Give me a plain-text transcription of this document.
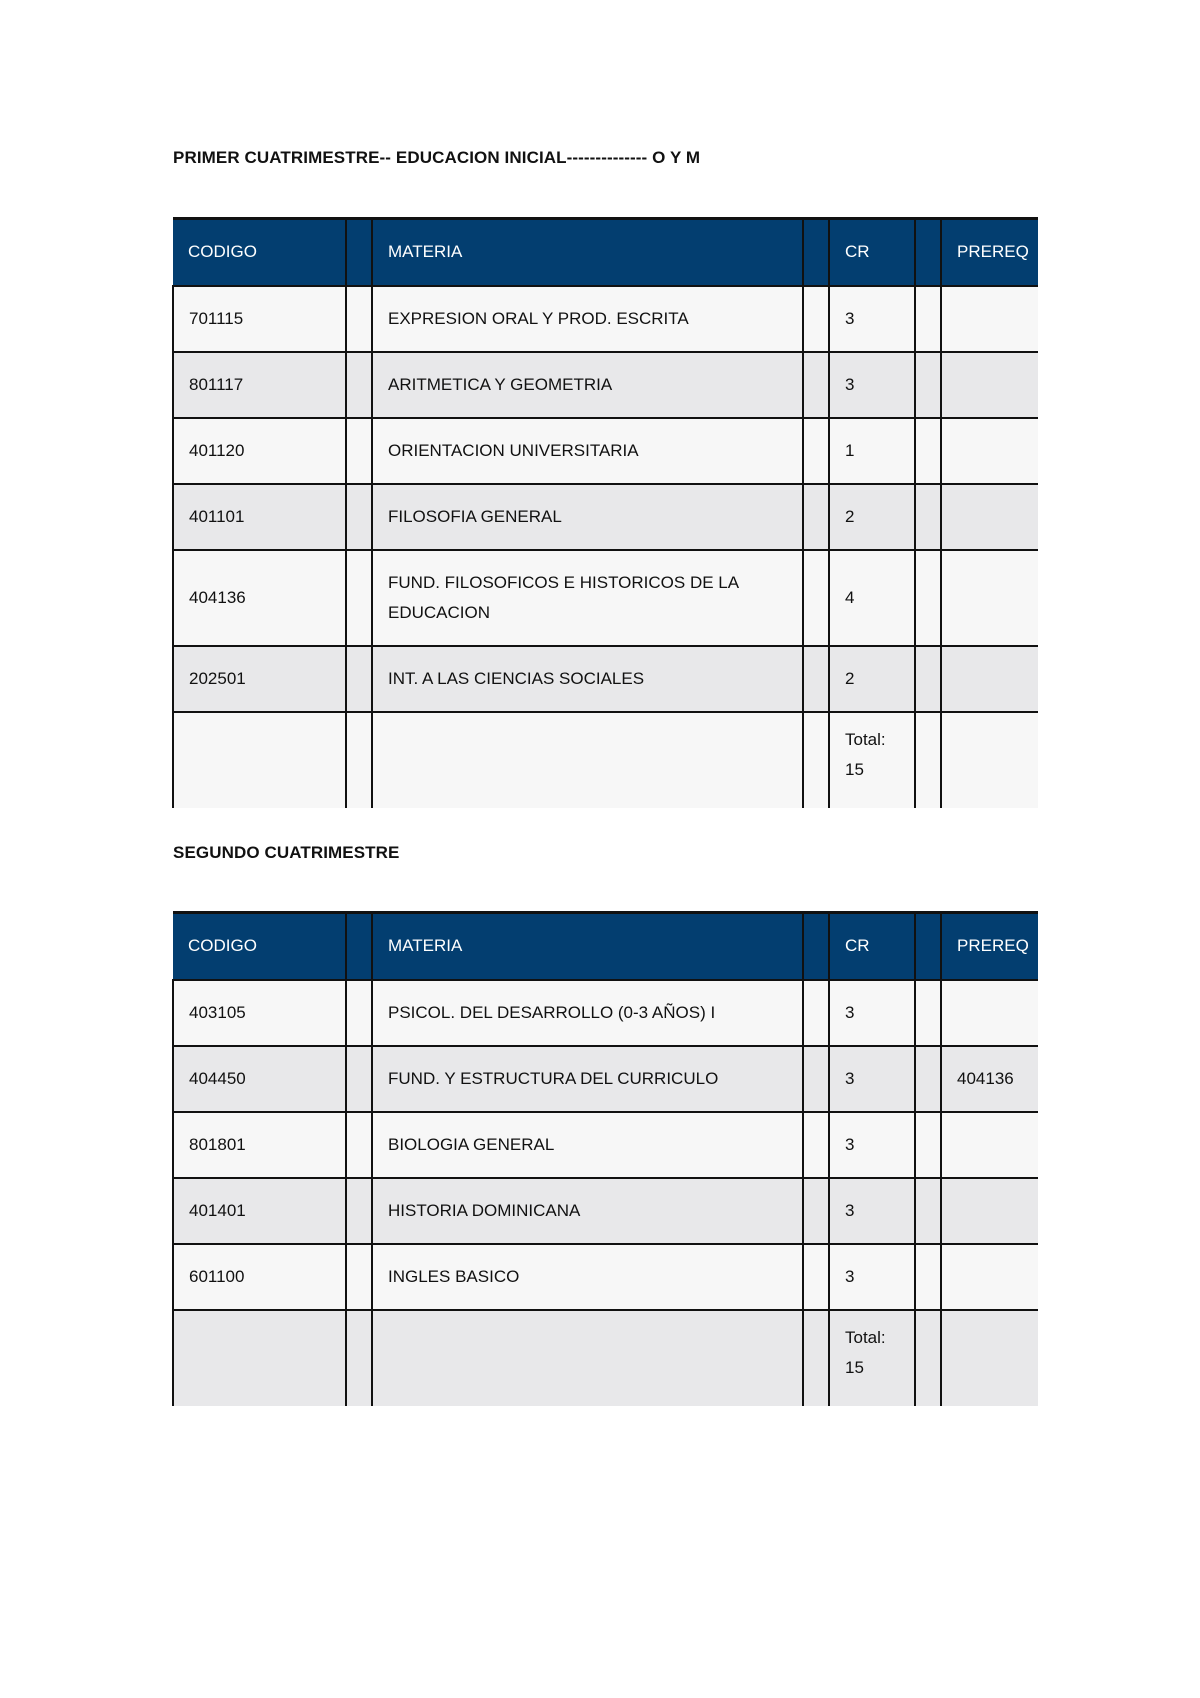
PRIMER CUATRIMESTRE-- EDUCACION INICIAL-------------- O Y M
CODIGO		MATERIA		CR		PREREQ
701115		EXPRESION ORAL Y PROD. ESCRITA		3		
801117		ARITMETICA Y GEOMETRIA		3		
401120		ORIENTACION UNIVERSITARIA		1		
401101		FILOSOFIA GENERAL		2		
404136		FUND. FILOSOFICOS E HISTORICOS DE LA EDUCACION		4		
202501		INT. A LAS CIENCIAS SOCIALES		2		

				Total:
15		

SEGUNDO CUATRIMESTRE
CODIGO		MATERIA		CR		PREREQ
403105		PSICOL. DEL DESARROLLO (0-3 AÑOS) I		3		
404450		FUND. Y ESTRUCTURA DEL CURRICULO		3		404136
801801		BIOLOGIA GENERAL		3		
401401		HISTORIA DOMINICANA		3		
601100		INGLES BASICO		3		

				Total:
15		
